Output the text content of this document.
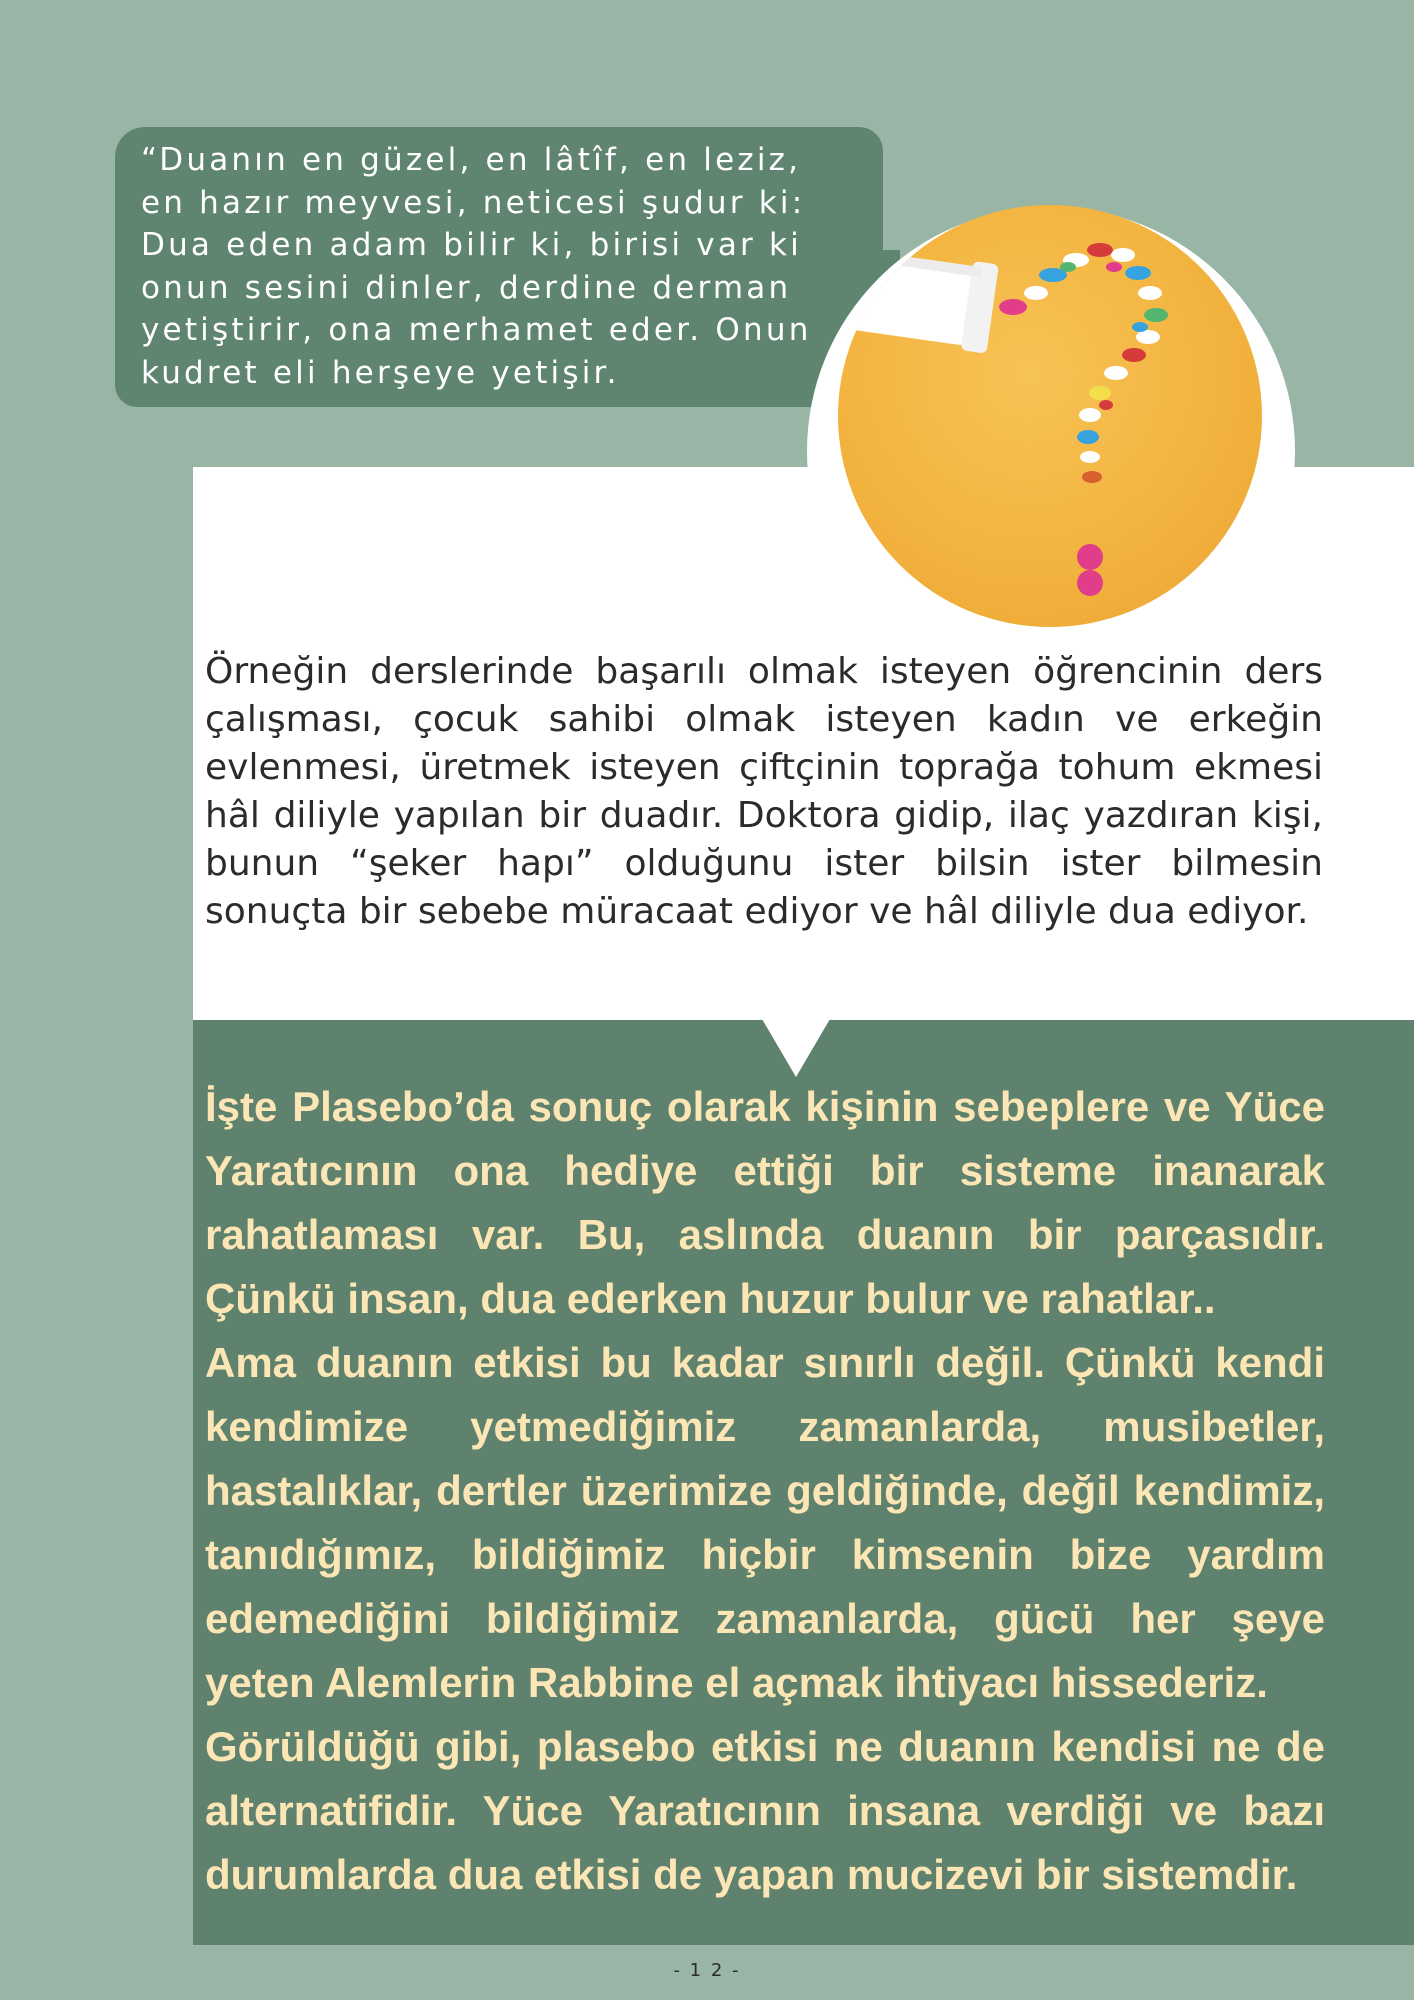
“Duanın en güzel, en lâtîf, en leziz,
en hazır meyvesi, neticesi şudur ki:
Dua eden adam bilir ki, birisi var ki
onun sesini dinler, derdine derman
yetiştirir, ona merhamet eder. Onun
kudret eli herşeye yetişir.

Örneğin derslerinde başarılı olmak isteyen öğrencinin ders çalışması, çocuk sahibi olmak isteyen kadın ve erkeğin evlenmesi, üretmek isteyen çiftçinin toprağa tohum ekmesi hâl diliyle yapılan bir duadır. Doktora gidip, ilaç yazdıran kişi, bunun “şeker hapı” olduğunu ister bilsin ister bilmesin sonuçta bir sebebe müracaat ediyor ve hâl diliyle dua ediyor.

İşte Plasebo’da sonuç olarak kişinin sebeplere ve Yüce Yaratıcının ona hediye ettiği bir sisteme inanarak rahatlaması var. Bu, aslında duanın bir parçasıdır. Çünkü insan, dua ederken huzur bulur ve rahatlar..
Ama duanın etkisi bu kadar sınırlı değil. Çünkü kendi kendimize yetmediğimiz zamanlarda, musibetler, hastalıklar, dertler üzerimize geldiğinde, değil kendimiz, tanıdığımız, bildiğimiz hiçbir kimsenin bize yardım edemediğini bildiğimiz zamanlarda, gücü her şeye yeten Alemlerin Rabbine el açmak ihtiyacı hissederiz.
Görüldüğü gibi, plasebo etkisi ne duanın kendisi ne de alternatifidir. Yüce Yaratıcının insana verdiği ve bazı durumlarda dua etkisi de yapan mucizevi bir sistemdir.
- 1 2 -
